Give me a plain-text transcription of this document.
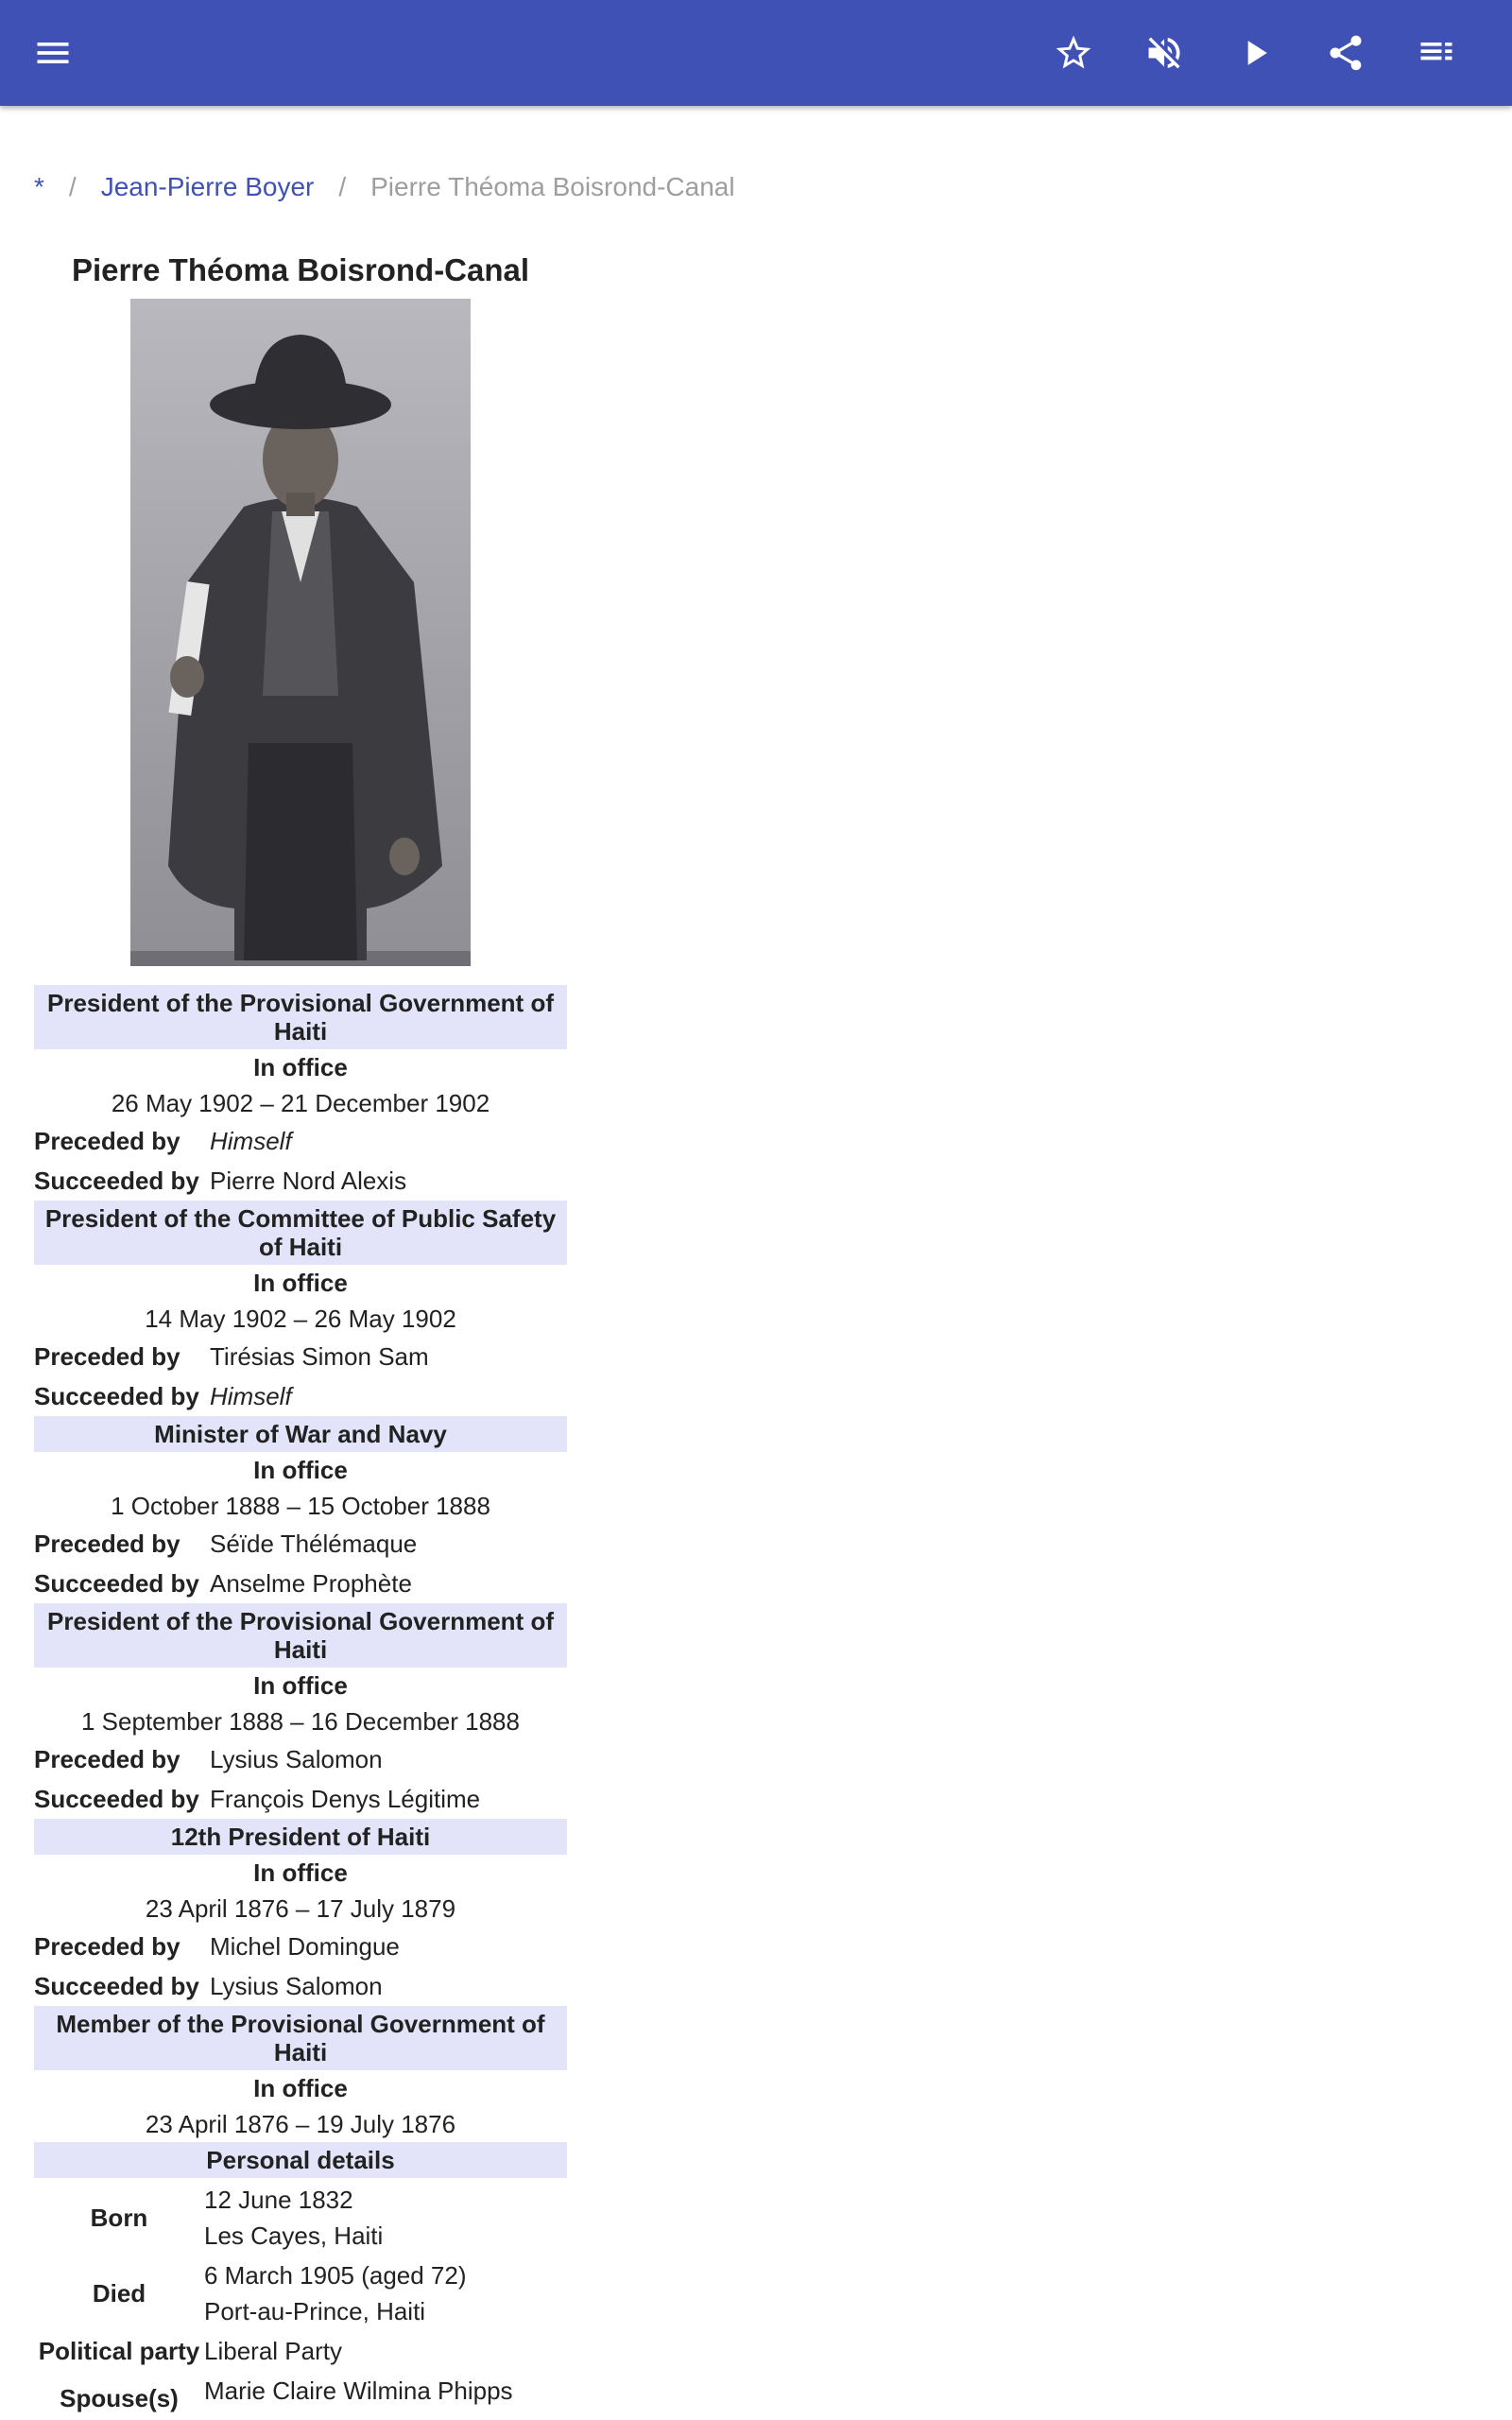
* / Jean-Pierre Boyer / Pierre Théoma Boisrond-Canal
Pierre Théoma Boisrond-Canal
President of the Provisional Government of Haiti
In office
26 May 1902 – 21 December 1902
Preceded by	Himself
Succeeded by Pierre Nord Alexis
President of the Committee of Public Safety of Haiti
In office
14 May 1902 – 26 May 1902
Preceded by	Tirésias Simon Sam
Succeeded by Himself
Minister of War and Navy
In office
1 October 1888 – 15 October 1888
Preceded by	Séïde Thélémaque
Succeeded by Anselme Prophète
President of the Provisional Government of Haiti
In office
1 September 1888 – 16 December 1888
Preceded by	Lysius Salomon
Succeeded by François Denys Légitime
12th President of Haiti
In office
23 April 1876 – 17 July 1879
Preceded by	Michel Domingue
Succeeded by Lysius Salomon
Member of the Provisional Government of Haiti
In office
23 April 1876 – 19 July 1876
Personal details
Born
12 June 1832
Les Cayes, Haiti
Died
6 March 1905 (aged 72)
Port-au-Prince, Haiti
Political party Liberal Party
Spouse(s)	Marie Claire Wilmina Phipps
